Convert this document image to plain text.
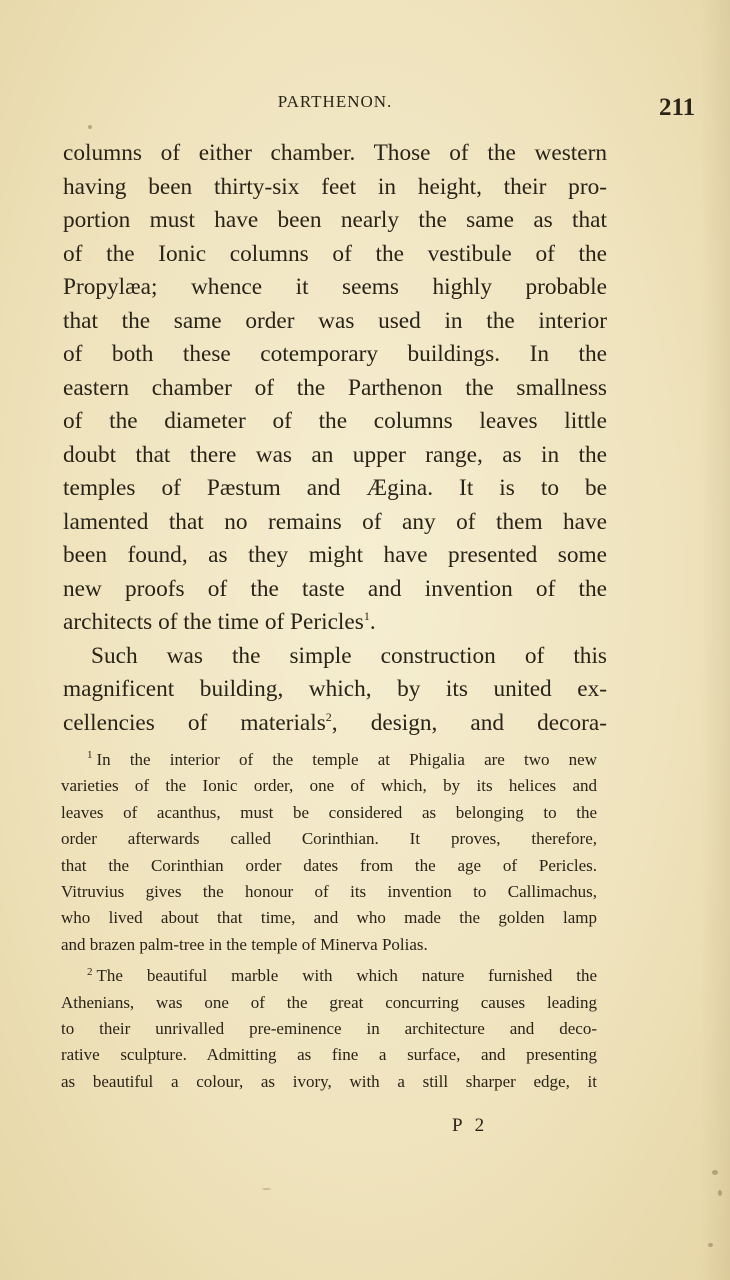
PARTHENON.	211
columns of either chamber. Those of the western
having been thirty-six feet in height, their pro-
portion must have been nearly the same as that
of the Ionic columns of the vestibule of the
Propylæa; whence it seems highly probable
that the same order was used in the interior
of both these cotemporary buildings. In the
eastern chamber of the Parthenon the smallness
of the diameter of the columns leaves little
doubt that there was an upper range, as in the
temples of Pæstum and Ægina. It is to be
lamented that no remains of any of them have
been found, as they might have presented some
new proofs of the taste and invention of the
architects of the time of Pericles$^1$.
Such was the simple construction of this
magnificent building, which, by its united ex-
cellencies of materials$^2$, design, and decora-
$^1$ In the interior of the temple at Phigalia are two new
varieties of the Ionic order, one of which, by its helices and
leaves of acanthus, must be considered as belonging to the
order afterwards called Corinthian. It proves, therefore,
that the Corinthian order dates from the age of Pericles.
Vitruvius gives the honour of its invention to Callimachus,
who lived about that time, and who made the golden lamp
and brazen palm-tree in the temple of Minerva Polias.
$^2$ The beautiful marble with which nature furnished the
Athenians, was one of the great concurring causes leading
to their unrivalled pre-eminence in architecture and deco-
rative sculpture. Admitting as fine a surface, and presenting
as beautiful a colour, as ivory, with a still sharper edge, it
P 2
